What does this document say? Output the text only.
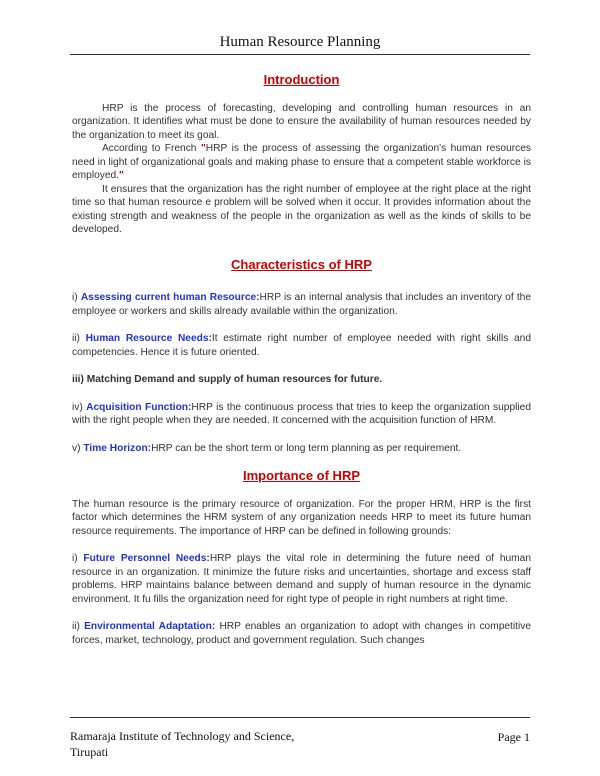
Human Resource Planning
Introduction

HRP is the process of forecasting, developing and controlling human resources in an organization. It identifies what must be done to ensure the availability of human resources needed by the organization to meet its goal.

According to French "HRP is the process of assessing the organization's human resources need in light of organizational goals and making phase to ensure that a competent stable workforce is employed."

It ensures that the organization has the right number of employee at the right place at the right time so that human resource e problem will be solved when it occur. It provides information about the existing strength and weakness of the people in the organization as well as the kinds of skills to be developed.

Characteristics of HRP

i) Assessing current human Resource:HRP is an internal analysis that includes an inventory of the employee or workers and skills already available within the organization.

ii) Human Resource Needs:It estimate right number of employee needed with right skills and competencies. Hence it is future oriented.

iii) Matching Demand and supply of human resources for future.

iv) Acquisition Function:HRP is the continuous process that tries to keep the organization supplied with the right people when they are needed. It concerned with the acquisition function of HRM.

v) Time Horizon:HRP can be the short term or long term planning as per requirement.

Importance of HRP

The human resource is the primary resource of organization. For the proper HRM, HRP is the first factor which determines the HRM system of any organization needs HRP to meet its future human resource requirements. The importance of HRP can be defined in following grounds:

i) Future Personnel Needs:HRP plays the vital role in determining the future need of human resource in an organization. It minimize the future risks and uncertainties, shortage and excess staff problems. HRP maintains balance between demand and supply of human resource in the dynamic environment. It fu fills the organization need for right type of people in right numbers at right time.

ii) Environmental Adaptation: HRP enables an organization to adopt with changes in competitive forces, market, technology, product and government regulation. Such changes

Ramaraja Institute of Technology and Science,
Tirupati
Page 1
